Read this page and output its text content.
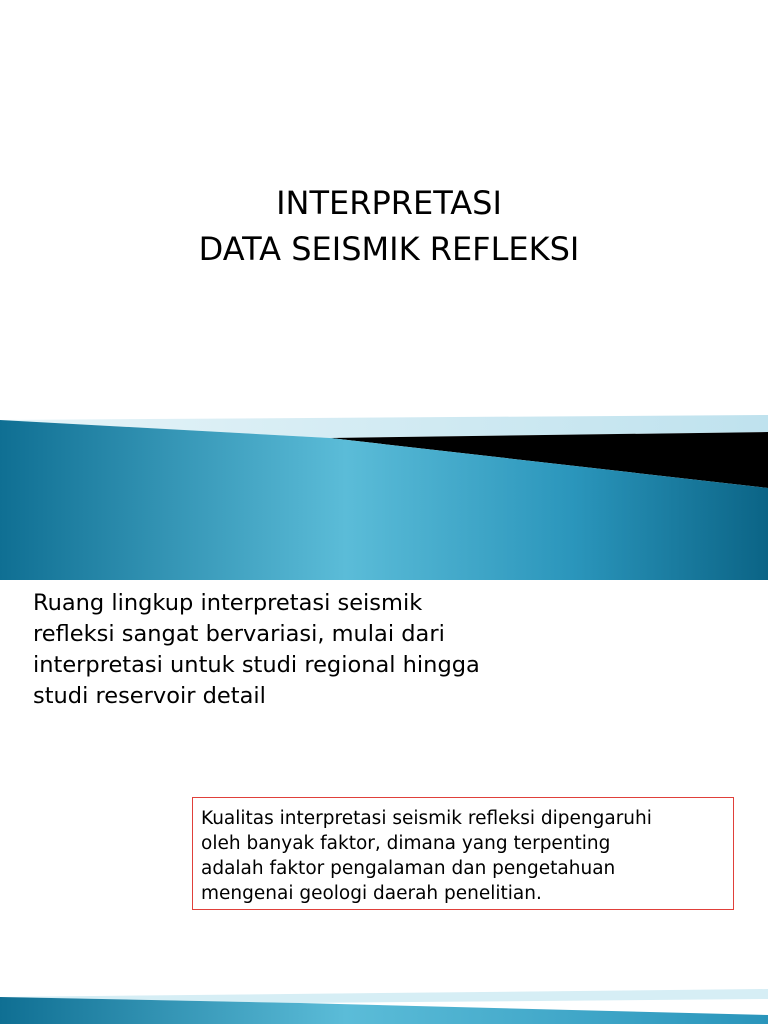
INTERPRETASI
DATA SEISMIK REFLEKSI
Ruang lingkup interpretasi seismik
refleksi sangat bervariasi, mulai dari
interpretasi untuk studi regional hingga
studi reservoir detail
Kualitas interpretasi seismik refleksi dipengaruhi
oleh banyak faktor, dimana yang terpenting
adalah faktor pengalaman dan pengetahuan
mengenai geologi daerah penelitian.
